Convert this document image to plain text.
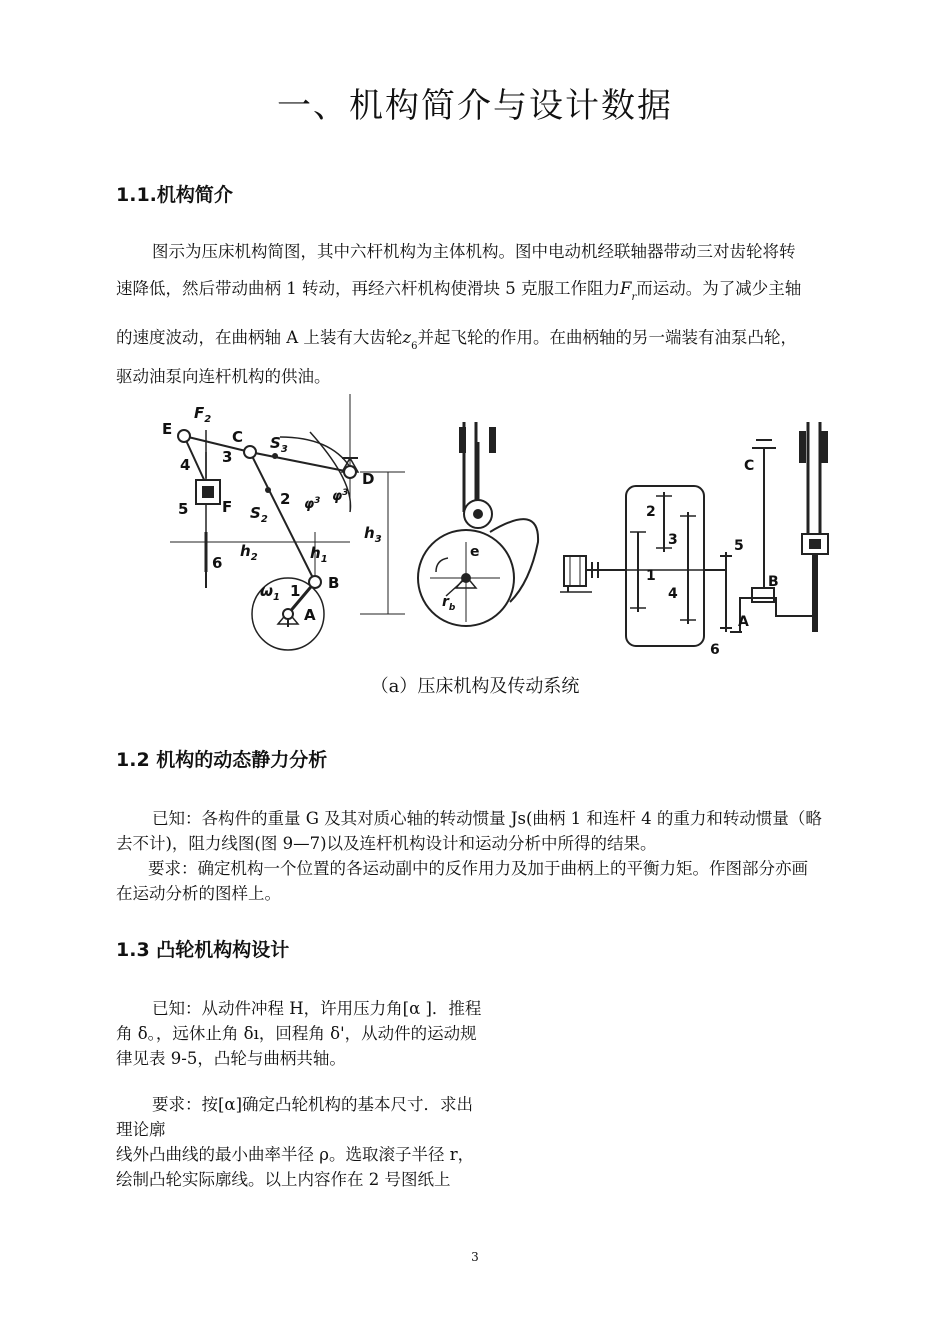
一、机构简介与设计数据
1.1.机构简介

图示为压床机构简图，其中六杆机构为主体机构。图中电动机经联轴器带动三对齿轮将转

速降低，然后带动曲柄 1 转动，再经六杆机构使滑块 5 克服工作阻力$F_r$而运动。为了减少主轴

的速度波动，在曲柄轴 A 上装有大齿轮$z_6$并起飞轮的作用。在曲柄轴的另一端装有油泵凸轮，

驱动油泵向连杆机构的供油。

E
$F_2$
C $S_3$
3
4
D
5 F $S_2$
2 $\varphi^3$ $\varphi^3$
$h_2$	$h_1$
$h_3$
6
$\omega_1$ 1 B
A
e
$r_b$
2
3
1
4
5
C
B
A
6
（a）压床机构及传动系统
1.2 机构的动态静力分析

已知：各构件的重量 G 及其对质心轴的转动惯量 Js(曲柄 1 和连杆 4 的重力和转动惯量（略

去不计)，阻力线图(图 9—7)以及连杆机构设计和运动分析中所得的结果。

要求：确定机构一个位置的各运动副中的反作用力及加于曲柄上的平衡力矩。作图部分亦画

在运动分析的图样上。

1.3 凸轮机构构设计

已知：从动件冲程 H，许用压力角[α ]．推程

角 δ。，远休止角 δı，回程角 δ'，从动件的运动规

律见表 9-5，凸轮与曲柄共轴。

要求：按[α]确定凸轮机构的基本尺寸．求出

理论廓

线外凸曲线的最小曲率半径 ρ。选取滚子半径 r，

绘制凸轮实际廓线。以上内容作在 2 号图纸上

3
